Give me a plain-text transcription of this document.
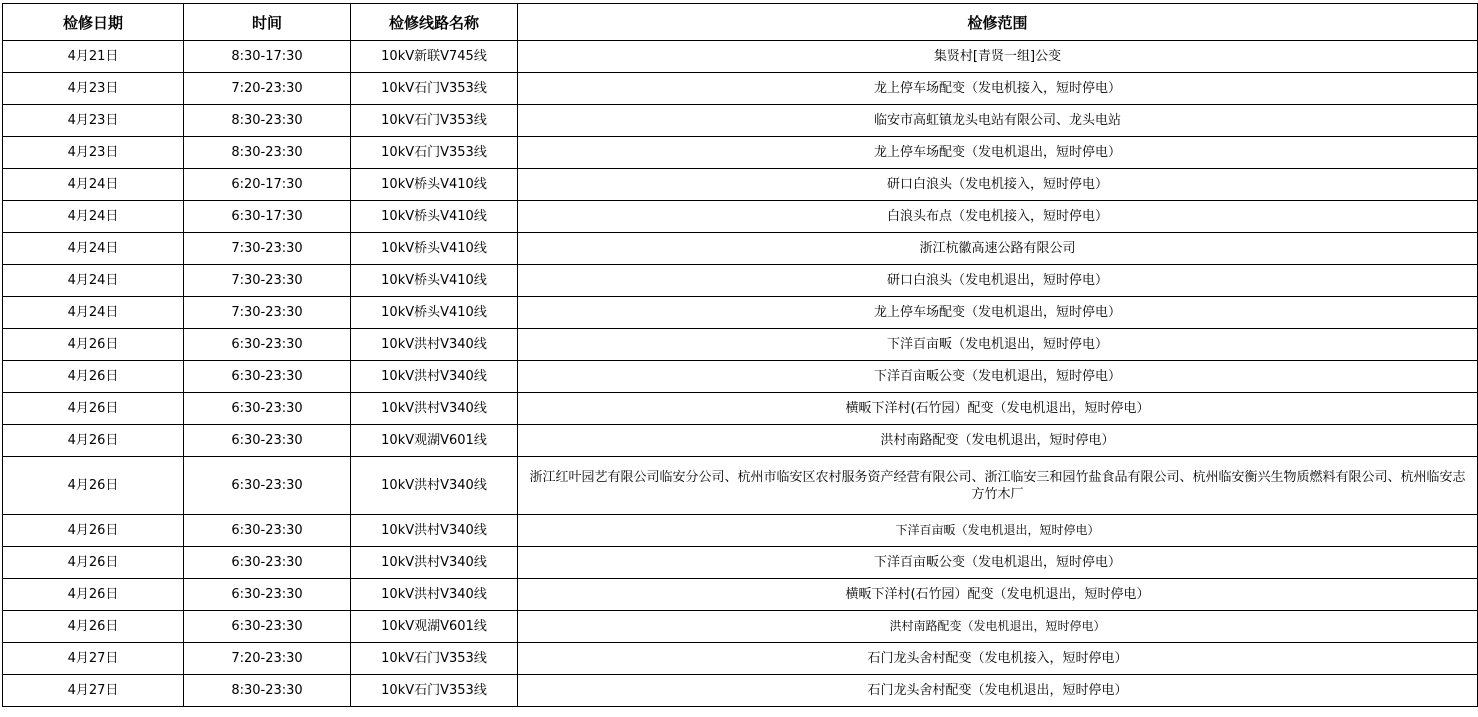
检修日期	时间	检修线路名称	检修范围
4月21日	8:30-17:30	10kV新联V745线	集贤村[青贤一组]公变
4月23日	7:20-23:30	10kV石门V353线	龙上停车场配变（发电机接入，短时停电）
4月23日	8:30-23:30	10kV石门V353线	临安市高虹镇龙头电站有限公司、龙头电站
4月23日	8:30-23:30	10kV石门V353线	龙上停车场配变（发电机退出，短时停电）
4月24日	6:20-17:30	10kV桥头V410线	研口白浪头（发电机接入，短时停电）
4月24日	6:30-17:30	10kV桥头V410线	白浪头布点（发电机接入，短时停电）
4月24日	7:30-23:30	10kV桥头V410线	浙江杭徽高速公路有限公司
4月24日	7:30-23:30	10kV桥头V410线	研口白浪头（发电机退出，短时停电）
4月24日	7:30-23:30	10kV桥头V410线	龙上停车场配变（发电机退出，短时停电）
4月26日	6:30-23:30	10kV洪村V340线	下洋百亩畈（发电机退出，短时停电）
4月26日	6:30-23:30	10kV洪村V340线	下洋百亩畈公变（发电机退出，短时停电）
4月26日	6:30-23:30	10kV洪村V340线	横畈下洋村(石竹园）配变（发电机退出，短时停电）
4月26日	6:30-23:30	10kV观湖V601线	洪村南路配变（发电机退出，短时停电）
4月26日	6:30-23:30	10kV洪村V340线	浙江红叶园艺有限公司临安分公司、杭州市临安区农村服务资产经营有限公司、浙江临安三和园竹盐食品有限公司、杭州临安衡兴生物质燃料有限公司、杭州临安志方竹木厂
4月26日	6:30-23:30	10kV洪村V340线	下洋百亩畈（发电机退出，短时停电）
4月26日	6:30-23:30	10kV洪村V340线	下洋百亩畈公变（发电机退出，短时停电）
4月26日	6:30-23:30	10kV洪村V340线	横畈下洋村(石竹园）配变（发电机退出，短时停电）
4月26日	6:30-23:30	10kV观湖V601线	洪村南路配变（发电机退出，短时停电）
4月27日	7:20-23:30	10kV石门V353线	石门龙头舍村配变（发电机接入，短时停电）
4月27日	8:30-23:30	10kV石门V353线	石门龙头舍村配变（发电机退出，短时停电）
